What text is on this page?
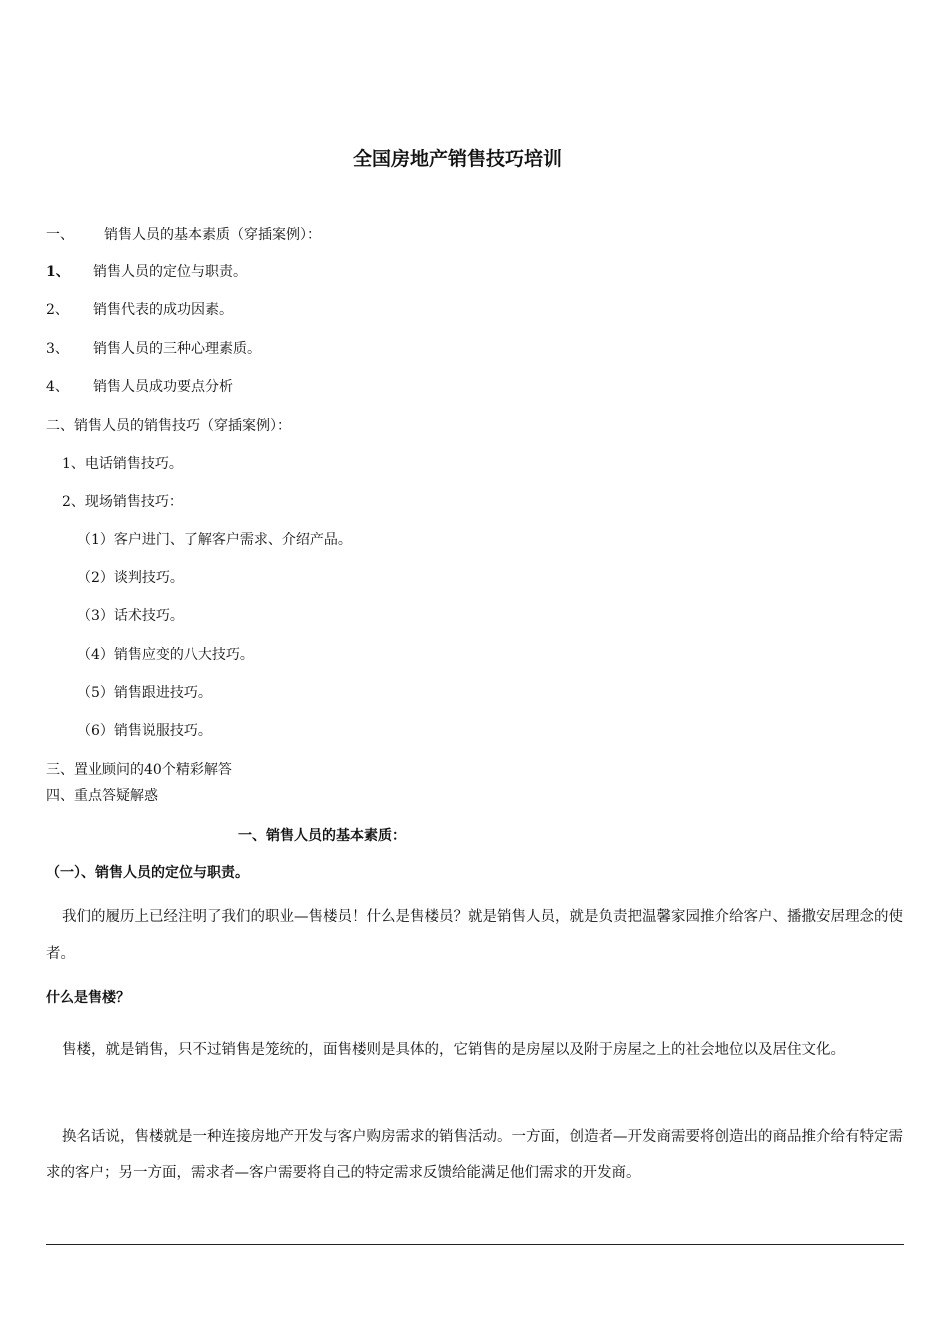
全国房地产销售技巧培训
一、 销售人员的基本素质（穿插案例）：
1、 销售人员的定位与职责。
2、 销售代表的成功因素。
3、 销售人员的三种心理素质。
4、 销售人员成功要点分析
二、销售人员的销售技巧（穿插案例）：
1、电话销售技巧。
2、现场销售技巧：
（1）客户进门、了解客户需求、介绍产品。
（2）谈判技巧。
（3）话术技巧。
（4）销售应变的八大技巧。
（5）销售跟进技巧。
（6）销售说服技巧。
三、置业顾问的40个精彩解答
四、重点答疑解惑
一、销售人员的基本素质：
（一）、销售人员的定位与职责。
我们的履历上已经注明了我们的职业—售楼员！什么是售楼员？就是销售人员，就是负责把温馨家园推介给客户、播撒安居理念的使者。
什么是售楼？
售楼，就是销售，只不过销售是笼统的，面售楼则是具体的，它销售的是房屋以及附于房屋之上的社会地位以及居住文化。
换名话说，售楼就是一种连接房地产开发与客户购房需求的销售活动。一方面，创造者—开发商需要将创造出的商品推介给有特定需求的客户；另一方面，需求者—客户需要将自己的特定需求反馈给能满足他们需求的开发商。
